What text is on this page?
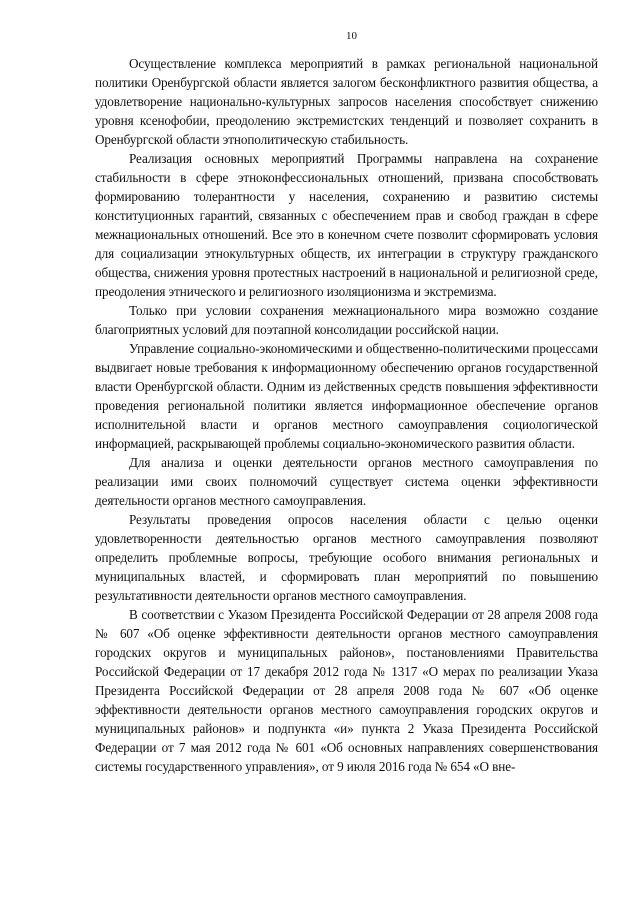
10

Осуществление комплекса мероприятий в рамках региональной национальной политики Оренбургской области является залогом бесконфликтного развития общества, а удовлетворение национально-культурных запросов населения способствует снижению уровня ксенофобии, преодолению экстремистских тенденций и позволяет сохранить в Оренбургской области этнополитическую стабильность.

Реализация основных мероприятий Программы направлена на сохранение стабильности в сфере этноконфессиональных отношений, призвана способствовать формированию толерантности у населения, сохранению и развитию системы конституционных гарантий, связанных с обеспечением прав и свобод граждан в сфере межнациональных отношений. Все это в конечном счете позволит сформировать условия для социализации этнокультурных обществ, их интеграции в структуру гражданского общества, снижения уровня протестных настроений в национальной и религиозной среде, преодоления этнического и религиозного изоляционизма и экстремизма.

Только при условии сохранения межнационального мира возможно создание благоприятных условий для поэтапной консолидации российской нации.

Управление социально-экономическими и общественно-политическими процессами выдвигает новые требования к информационному обеспечению органов государственной власти Оренбургской области. Одним из действенных средств повышения эффективности проведения региональной политики является информационное обеспечение органов исполнительной власти и органов местного самоуправления социологической информацией, раскрывающей проблемы социально-экономического развития области.

Для анализа и оценки деятельности органов местного самоуправления по реализации ими своих полномочий существует система оценки эффективности деятельности органов местного самоуправления.

Результаты проведения опросов населения области с целью оценки удовлетворенности деятельностью органов местного самоуправления позволяют определить проблемные вопросы, требующие особого внимания региональных и муниципальных властей, и сформировать план мероприятий по повышению результативности деятельности органов местного самоуправления.

В соответствии с Указом Президента Российской Федерации от 28 апреля 2008 года № 607 «Об оценке эффективности деятельности органов местного самоуправления городских округов и муниципальных районов», постановлениями Правительства Российской Федерации от 17 декабря 2012 года № 1317 «О мерах по реализации Указа Президента Российской Федерации от 28 апреля 2008 года № 607 «Об оценке эффективности деятельности органов местного самоуправления городских округов и муниципальных районов» и подпункта «и» пункта 2 Указа Президента Российской Федерации от 7 мая 2012 года № 601 «Об основных направлениях совершенствования системы государственного управления», от 9 июля 2016 года № 654 «О вне-
